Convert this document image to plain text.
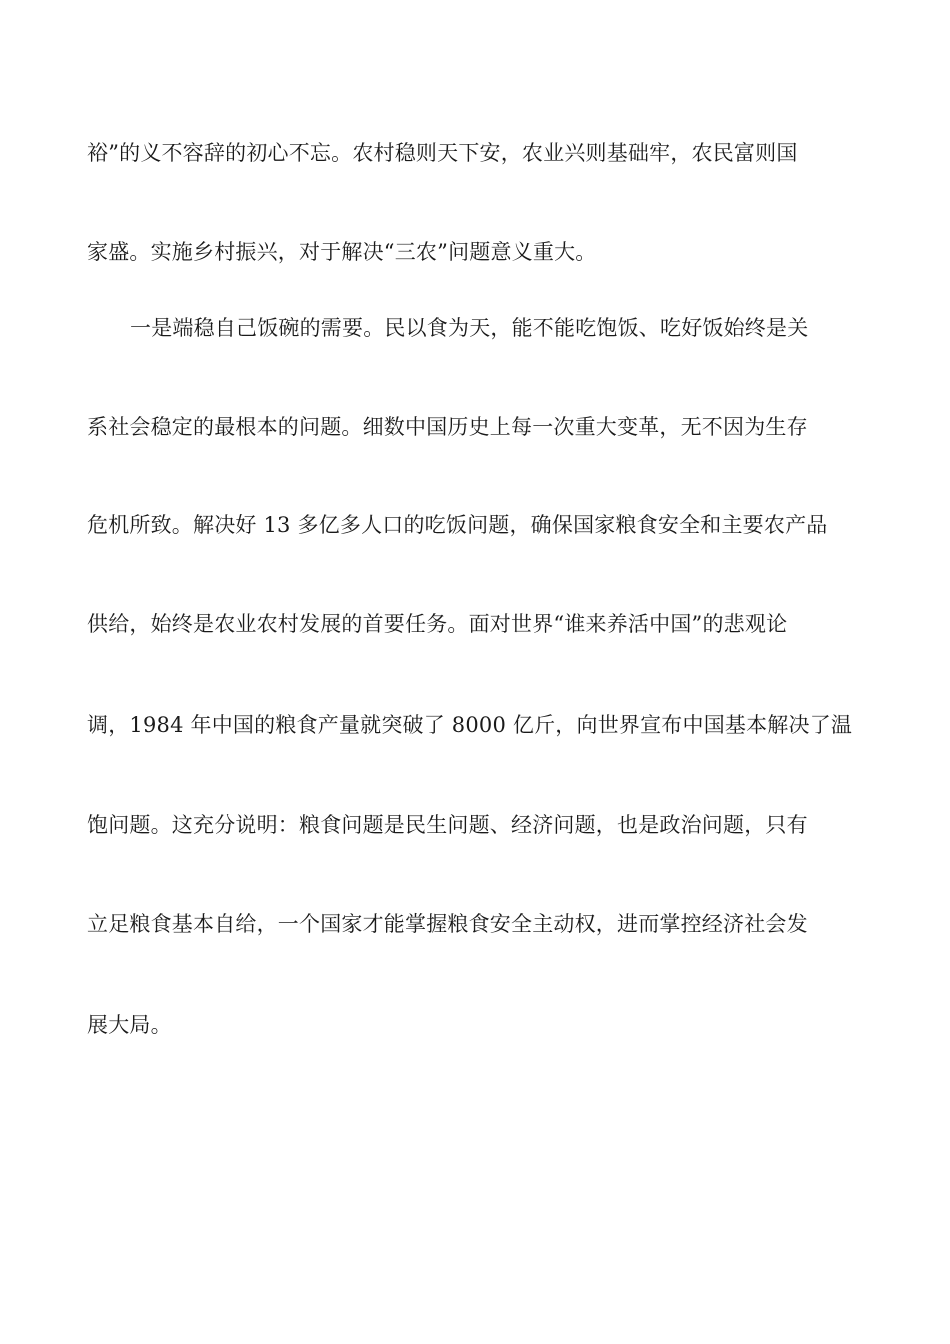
裕”的义不容辞的初心不忘。农村稳则天下安，农业兴则基础牢，农民富则国
家盛。实施乡村振兴，对于解决“三农”问题意义重大。
一是端稳自己饭碗的需要。民以食为天，能不能吃饱饭、吃好饭始终是关
系社会稳定的最根本的问题。细数中国历史上每一次重大变革，无不因为生存
危机所致。解决好 13 多亿多人口的吃饭问题，确保国家粮食安全和主要农产品
供给，始终是农业农村发展的首要任务。面对世界“谁来养活中国”的悲观论
调，1984 年中国的粮食产量就突破了 8000 亿斤，向世界宣布中国基本解决了温
饱问题。这充分说明：粮食问题是民生问题、经济问题，也是政治问题，只有
立足粮食基本自给，一个国家才能掌握粮食安全主动权，进而掌控经济社会发
展大局。
